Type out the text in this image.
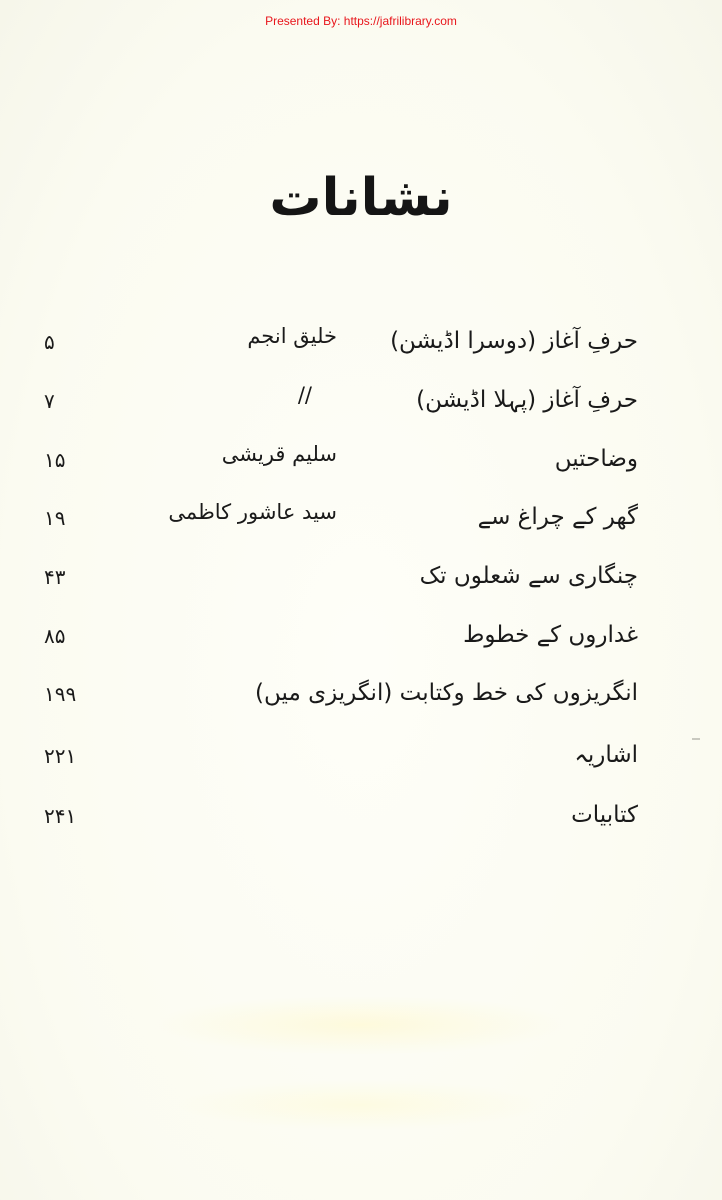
Presented By: https://jafrilibrary.com
نشانات
حرفِ آغاز (دوسرا اڈیشن)
خلیق انجم
۵
حرفِ آغاز (پہلا اڈیشن)
//
۷
وضاحتیں
سلیم قریشی
۱۵
گھر کے چراغ سے
سید عاشور کاظمی
۱۹
چنگاری سے شعلوں تک
۴۳
غداروں کے خطوط
۸۵
انگریزوں کی خط وکتابت (انگریزی میں)
۱۹۹
اشاریہ
۲۲۱
کتابیات
۲۴۱
